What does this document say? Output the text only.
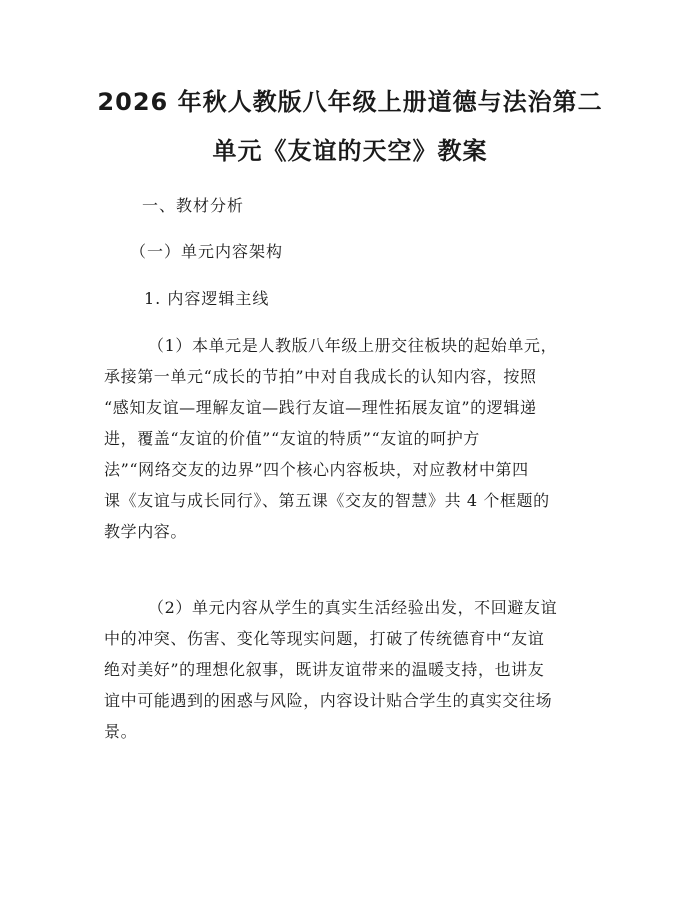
2026 年秋人教版八年级上册道德与法治第二
单元《友谊的天空》教案
一、教材分析
（一）单元内容架构
1. 内容逻辑主线
（1）本单元是人教版八年级上册交往板块的起始单元，
承接第一单元“成长的节拍”中对自我成长的认知内容，按照
“感知友谊—理解友谊—践行友谊—理性拓展友谊”的逻辑递
进，覆盖“友谊的价值”“友谊的特质”“友谊的呵护方
法”“网络交友的边界”四个核心内容板块，对应教材中第四
课《友谊与成长同行》、第五课《交友的智慧》共 4 个框题的
教学内容。
（2）单元内容从学生的真实生活经验出发，不回避友谊
中的冲突、伤害、变化等现实问题，打破了传统德育中“友谊
绝对美好”的理想化叙事，既讲友谊带来的温暖支持，也讲友
谊中可能遇到的困惑与风险，内容设计贴合学生的真实交往场
景。
